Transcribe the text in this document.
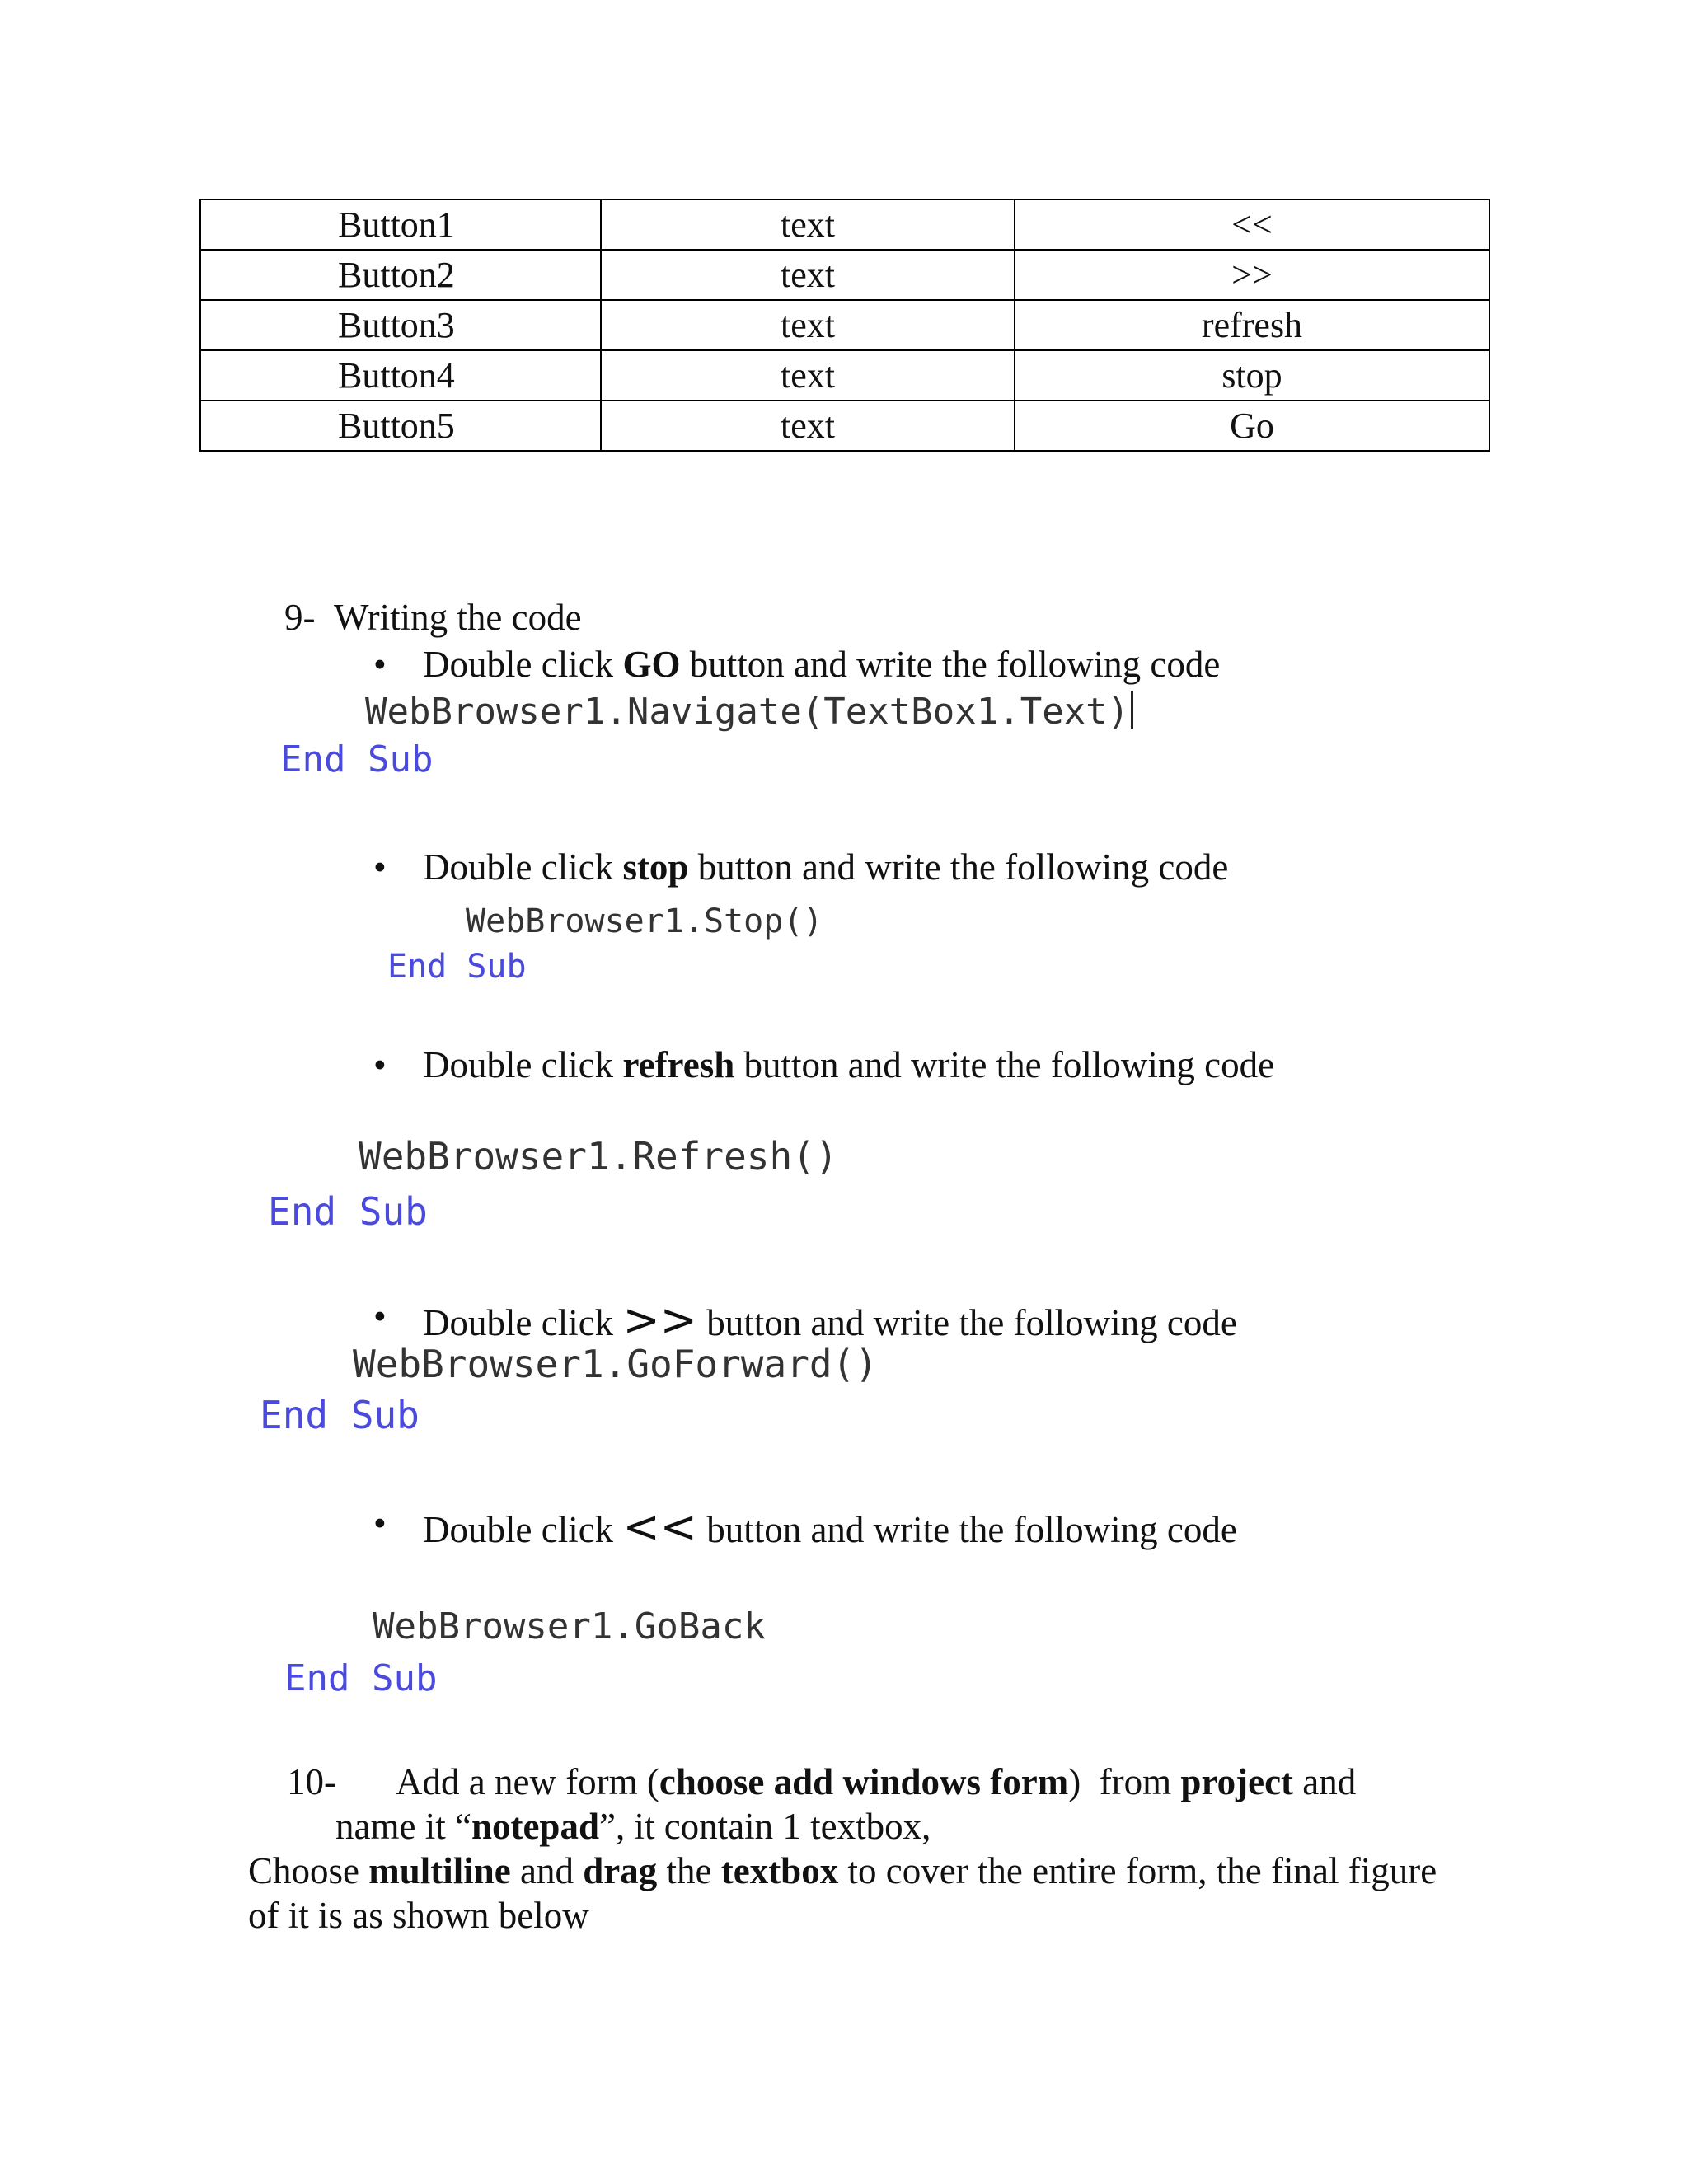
Button1	text	<<
Button2	text	>>
Button3	text	refresh
Button4	text	stop
Button5	text	Go
9- Writing the code
• Double click GO button and write the following code
WebBrowser1.Navigate(TextBox1.Text)
End Sub
• Double click stop button and write the following code
WebBrowser1.Stop()
End Sub
• Double click refresh button and write the following code
WebBrowser1.Refresh()
End Sub
• Double click >> button and write the following code
WebBrowser1.GoForward()
End Sub
• Double click << button and write the following code
WebBrowser1.GoBack
End Sub
10- Add a new form (choose add windows form)  from project and
name it “notepad”, it contain 1 textbox,
Choose multiline and drag the textbox to cover the entire form, the final figure
of it is as shown below
